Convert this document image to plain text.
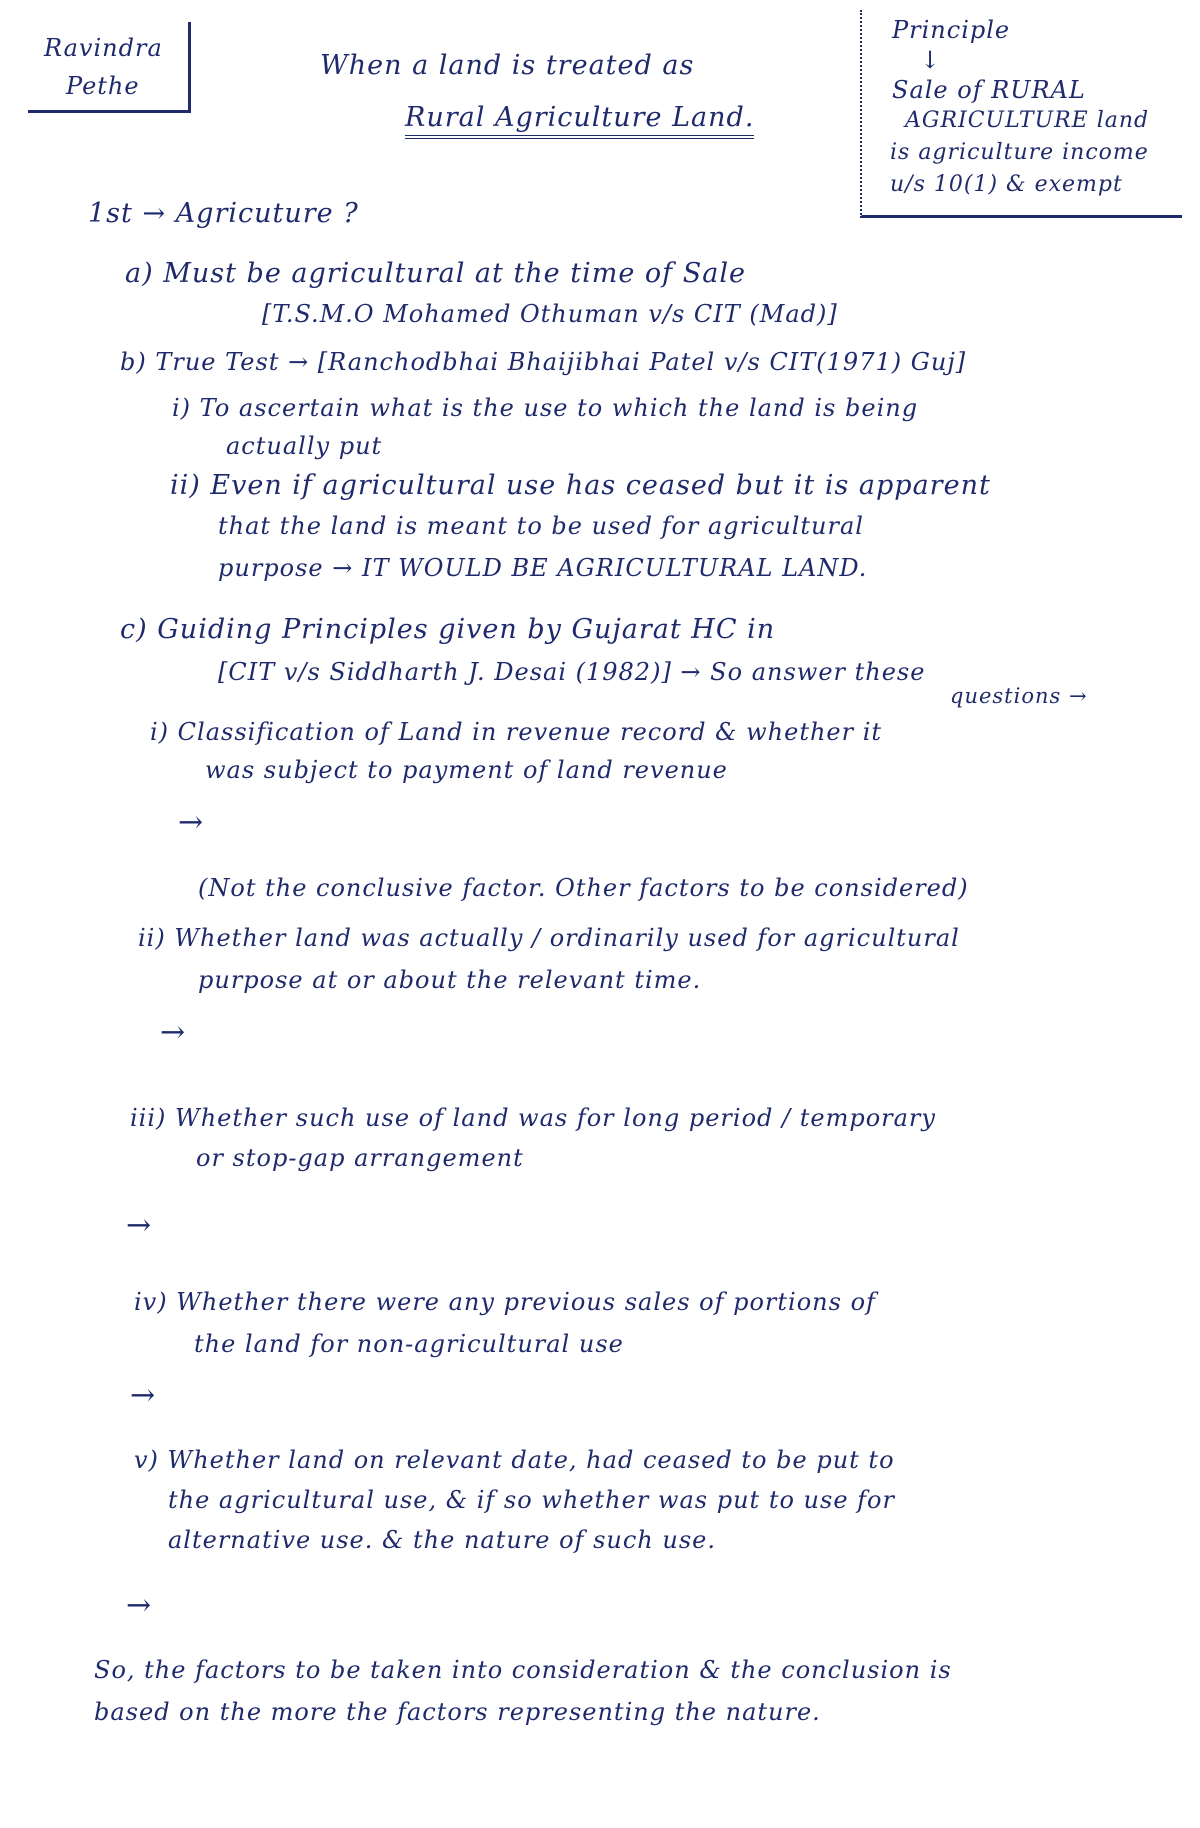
Ravindra
Pethe
When a land is treated as
Rural Agriculture Land.
Principle
↓
Sale of RURAL
AGRICULTURE land
is agriculture income
u/s 10(1) & exempt
1st → Agricuture ?
a) Must be agricultural at the time of Sale
[T.S.M.O Mohamed Othuman v/s CIT (Mad)]
b) True Test → [Ranchodbhai Bhaijibhai Patel v/s CIT(1971) Guj]
i) To ascertain what is the use to which the land is being
actually put
ii) Even if agricultural use has ceased but it is apparent
that the land is meant to be used for agricultural
purpose → IT WOULD BE AGRICULTURAL LAND.
c) Guiding Principles given by Gujarat HC in
[CIT v/s Siddharth J. Desai (1982)] → So answer these
questions →
i) Classification of Land in revenue record & whether it
was subject to payment of land revenue
→
(Not the conclusive factor. Other factors to be considered)
ii) Whether land was actually / ordinarily used for agricultural
purpose at or about the relevant time.
→
iii) Whether such use of land was for long period / temporary
or stop-gap arrangement
→
iv) Whether there were any previous sales of portions of
the land for non-agricultural use
→
v) Whether land on relevant date, had ceased to be put to
the agricultural use, & if so whether was put to use for
alternative use. & the nature of such use.
→
So, the factors to be taken into consideration & the conclusion is
based on the more the factors representing the nature.
